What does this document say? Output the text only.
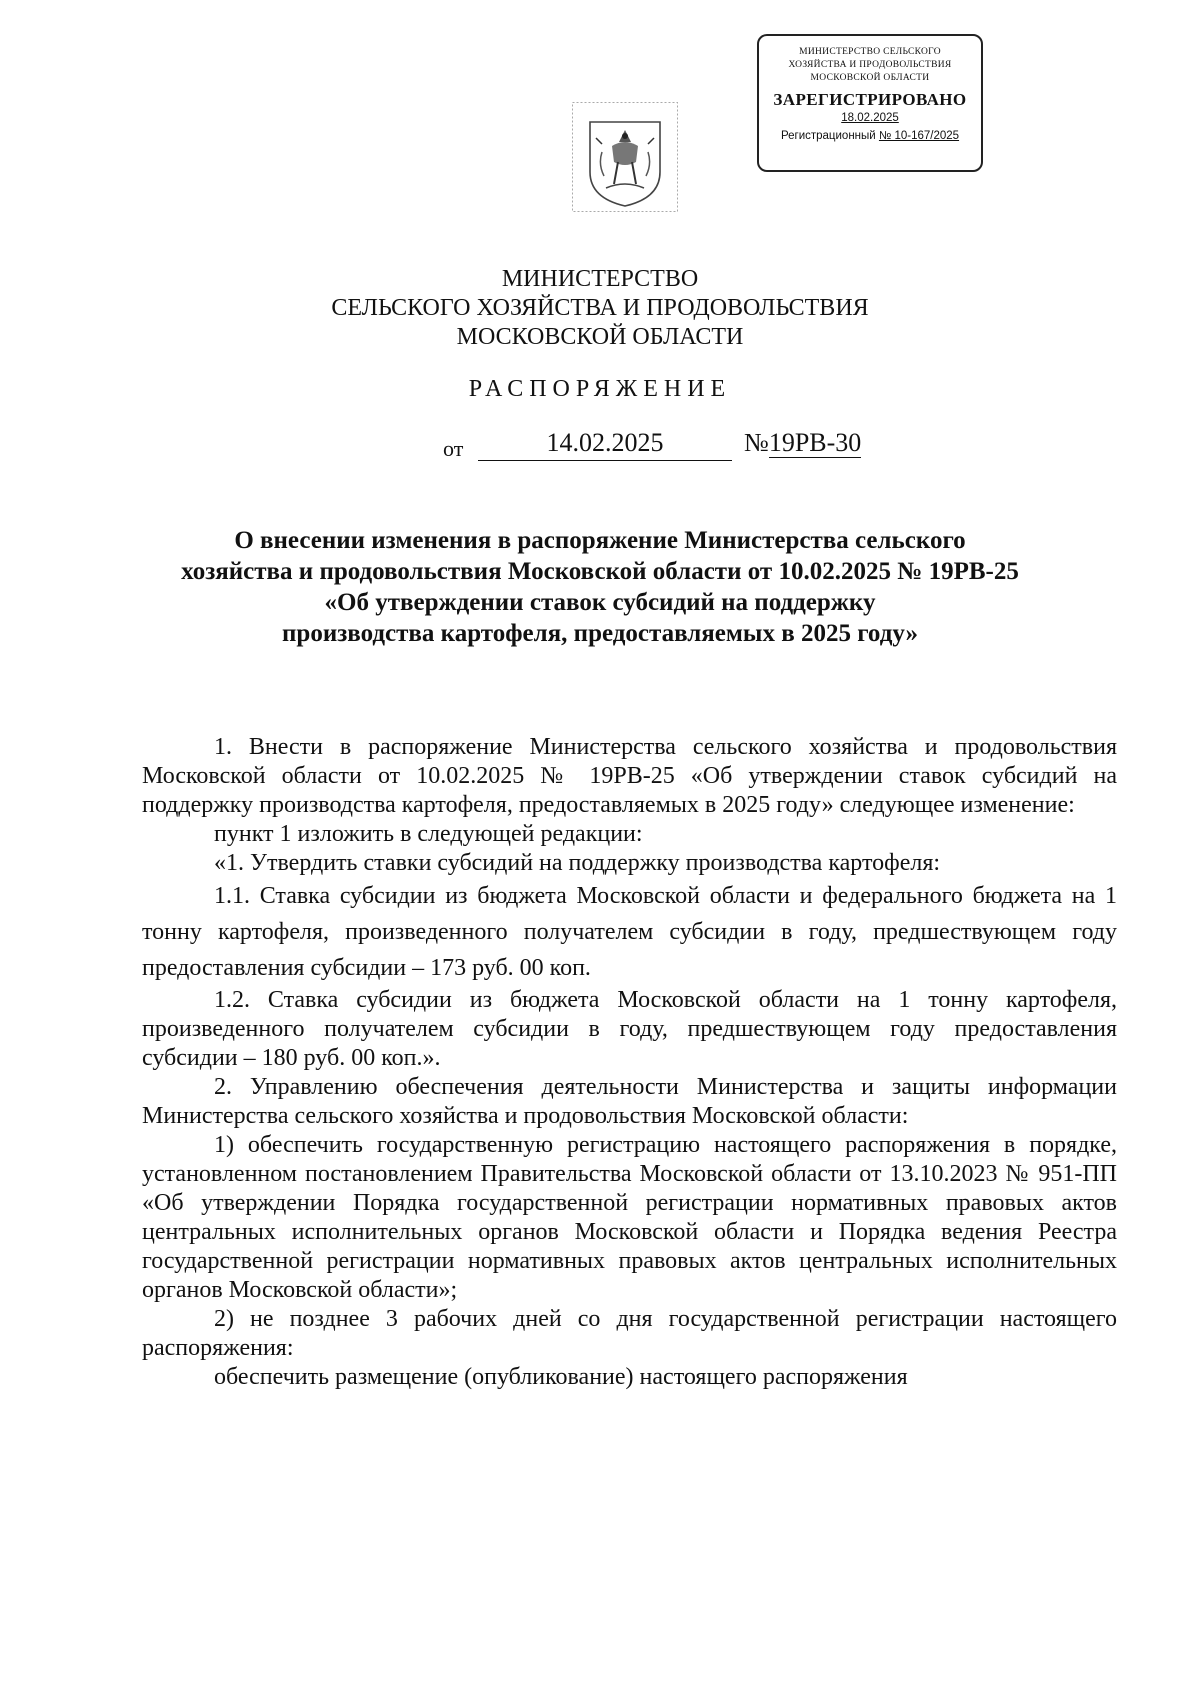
МИНИСТЕРСТВО СЕЛЬСКОГО
ХОЗЯЙСТВА И ПРОДОВОЛЬСТВИЯ
МОСКОВСКОЙ ОБЛАСТИ
ЗАРЕГИСТРИРОВАНО
18.02.2025
Регистрационный № 10-167/2025
МИНИСТЕРСТВО
СЕЛЬСКОГО ХОЗЯЙСТВА И ПРОДОВОЛЬСТВИЯ
МОСКОВСКОЙ ОБЛАСТИ
РАСПОРЯЖЕНИЕ
от	14.02.2025	№19РВ-30
О внесении изменения в распоряжение Министерства сельского
хозяйства и продовольствия Московской области от 10.02.2025 № 19РВ-25
«Об утверждении ставок субсидий на поддержку
производства картофеля, предоставляемых в 2025 году»

1. Внести в распоряжение Министерства сельского хозяйства и продовольствия Московской области от 10.02.2025 № 19РВ-25 «Об утверждении ставок субсидий на поддержку производства картофеля, предоставляемых в 2025 году» следующее изменение:

пункт 1 изложить в следующей редакции:

«1. Утвердить ставки субсидий на поддержку производства картофеля:

1.1. Ставка субсидии из бюджета Московской области и федерального бюджета на 1 тонну картофеля, произведенного получателем субсидии в году, предшествующем году предоставления субсидии – 173 руб. 00 коп.

1.2. Ставка субсидии из бюджета Московской области на 1 тонну картофеля, произведенного получателем субсидии в году, предшествующем году предоставления субсидии – 180 руб. 00 коп.».

2. Управлению обеспечения деятельности Министерства и защиты информации Министерства сельского хозяйства и продовольствия Московской области:

1) обеспечить государственную регистрацию настоящего распоряжения в порядке, установленном постановлением Правительства Московской области от 13.10.2023 № 951-ПП «Об утверждении Порядка государственной регистрации нормативных правовых актов центральных исполнительных органов Московской области и Порядка ведения Реестра государственной регистрации нормативных правовых актов центральных исполнительных органов Московской области»;

2) не позднее 3 рабочих дней со дня государственной регистрации настоящего распоряжения:

обеспечить размещение (опубликование) настоящего распоряжения
